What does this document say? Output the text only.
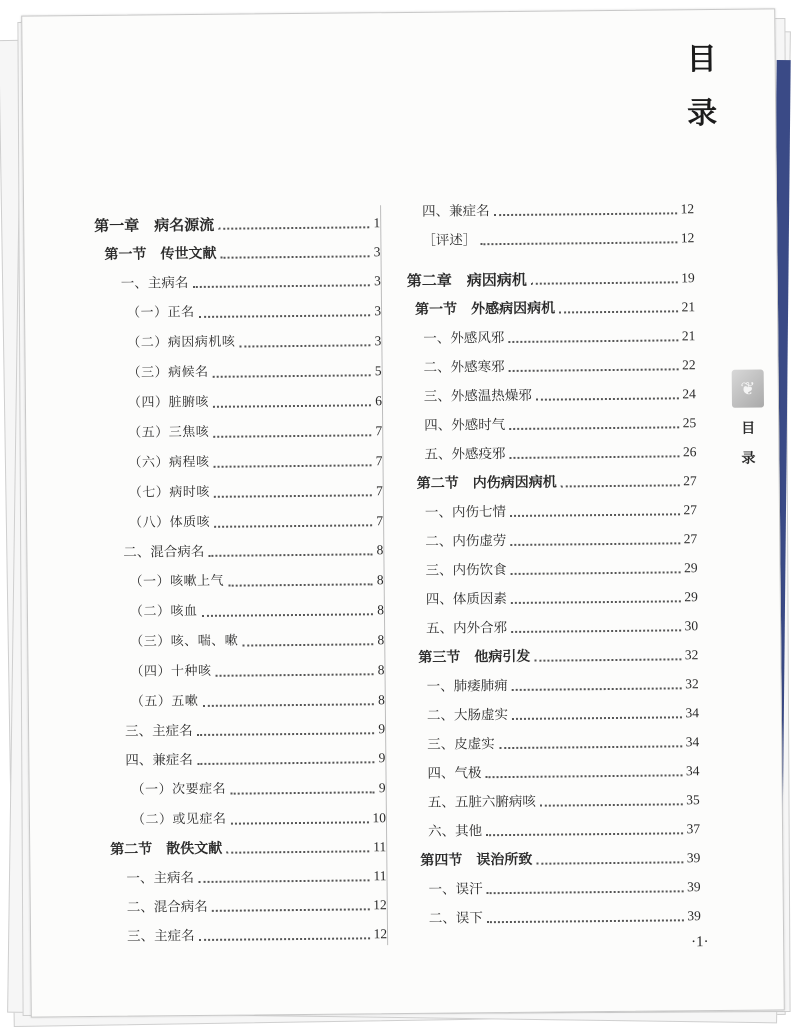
目
录
第一章　病名源流	1
第一节　传世文献	3
一、主病名	3
（一）正名	3
（二）病因病机咳	3
（三）病候名	5
（四）脏腑咳	6
（五）三焦咳	7
（六）病程咳	7
（七）病时咳	7
（八）体质咳	7
二、混合病名	8
（一）咳嗽上气	8
（二）咳血	8
（三）咳、喘、嗽	8
（四）十种咳	8
（五）五嗽	8
三、主症名	9
四、兼症名	9
（一）次要症名	9
（二）或见症名	10
第二节　散佚文献	11
一、主病名	11
二、混合病名	12
三、主症名	12
四、兼症名	12
［评述］	12
第二章　病因病机	19
第一节　外感病因病机	21
一、外感风邪	21
二、外感寒邪	22
三、外感温热燥邪	24
四、外感时气	25
五、外感疫邪	26
第二节　内伤病因病机	27
一、内伤七情	27
二、内伤虚劳	27
三、内伤饮食	29
四、体质因素	29
五、内外合邪	30
第三节　他病引发	32
一、肺痿肺痈	32
二、大肠虚实	34
三、皮虚实	34
四、气极	34
五、五脏六腑病咳	35
六、其他	37
第四节　误治所致	39
一、误汗	39
二、误下	39
❦
目
录
·1·
